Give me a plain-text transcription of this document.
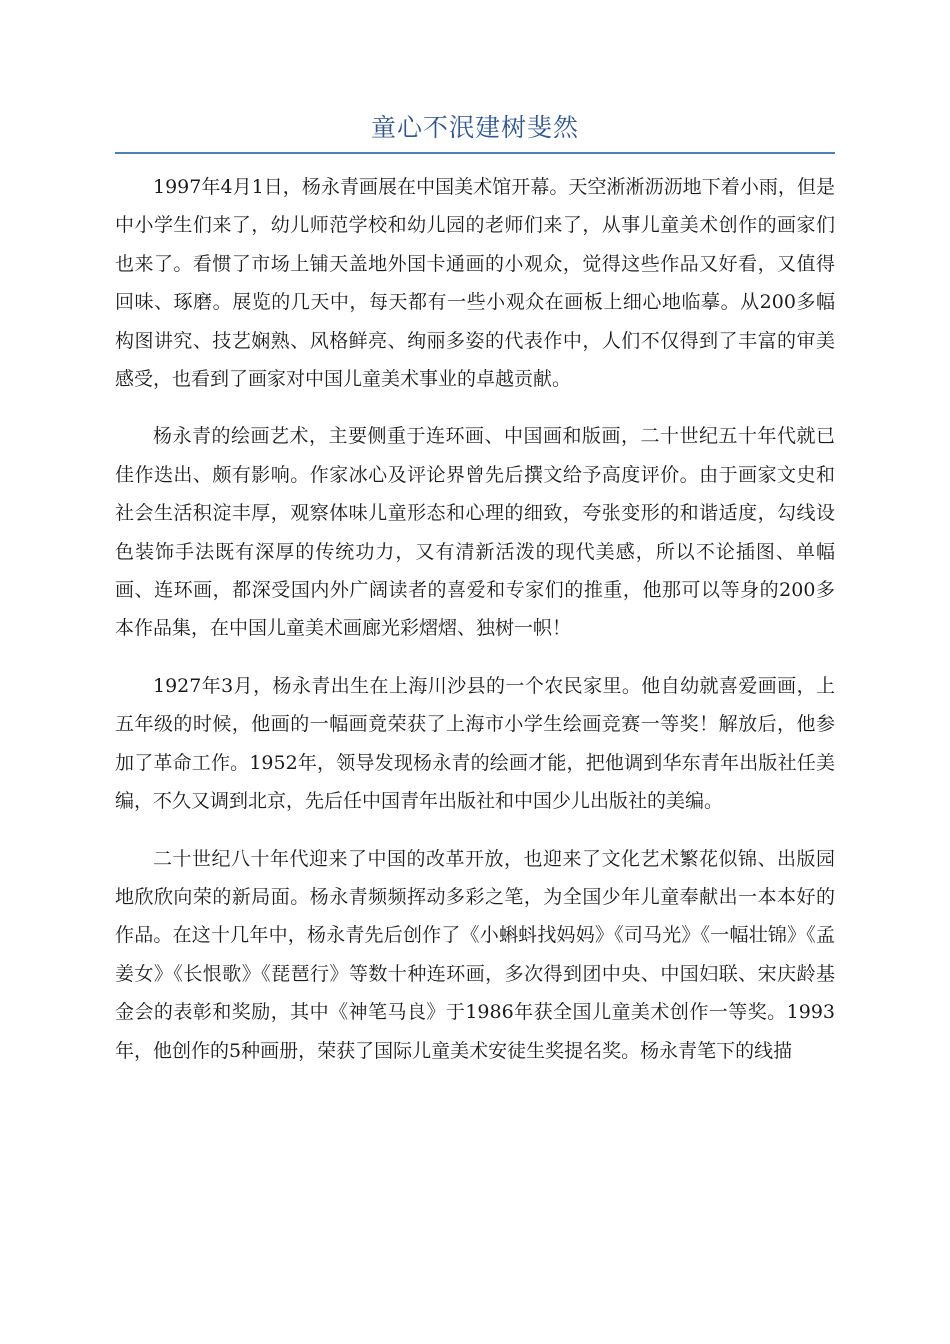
童心不泯建树斐然

1997年4月1日，杨永青画展在中国美术馆开幕。天空淅淅沥沥地下着小雨，但是中小学生们来了，幼儿师范学校和幼儿园的老师们来了，从事儿童美术创作的画家们也来了。看惯了市场上铺天盖地外国卡通画的小观众，觉得这些作品又好看，又值得回味、琢磨。展览的几天中，每天都有一些小观众在画板上细心地临摹。从200多幅构图讲究、技艺娴熟、风格鲜亮、绚丽多姿的代表作中，人们不仅得到了丰富的审美感受，也看到了画家对中国儿童美术事业的卓越贡献。

杨永青的绘画艺术，主要侧重于连环画、中国画和版画，二十世纪五十年代就已佳作迭出、颇有影响。作家冰心及评论界曾先后撰文给予高度评价。由于画家文史和社会生活积淀丰厚，观察体味儿童形态和心理的细致，夸张变形的和谐适度，勾线设色装饰手法既有深厚的传统功力，又有清新活泼的现代美感，所以不论插图、单幅画、连环画，都深受国内外广阔读者的喜爱和专家们的推重，他那可以等身的200多本作品集，在中国儿童美术画廊光彩熠熠、独树一帜！

1927年3月，杨永青出生在上海川沙县的一个农民家里。他自幼就喜爱画画，上五年级的时候，他画的一幅画竟荣获了上海市小学生绘画竞赛一等奖！解放后，他参加了革命工作。1952年，领导发现杨永青的绘画才能，把他调到华东青年出版社任美编，不久又调到北京，先后任中国青年出版社和中国少儿出版社的美编。

二十世纪八十年代迎来了中国的改革开放，也迎来了文化艺术繁花似锦、出版园地欣欣向荣的新局面。杨永青频频挥动多彩之笔，为全国少年儿童奉献出一本本好的作品。在这十几年中，杨永青先后创作了《小蝌蚪找妈妈》《司马光》《一幅壮锦》《孟姜女》《长恨歌》《琵琶行》等数十种连环画，多次得到团中央、中国妇联、宋庆龄基金会的表彰和奖励，其中《神笔马良》于1986年获全国儿童美术创作一等奖。1993年，他创作的5种画册，荣获了国际儿童美术安徒生奖提名奖。杨永青笔下的线描
